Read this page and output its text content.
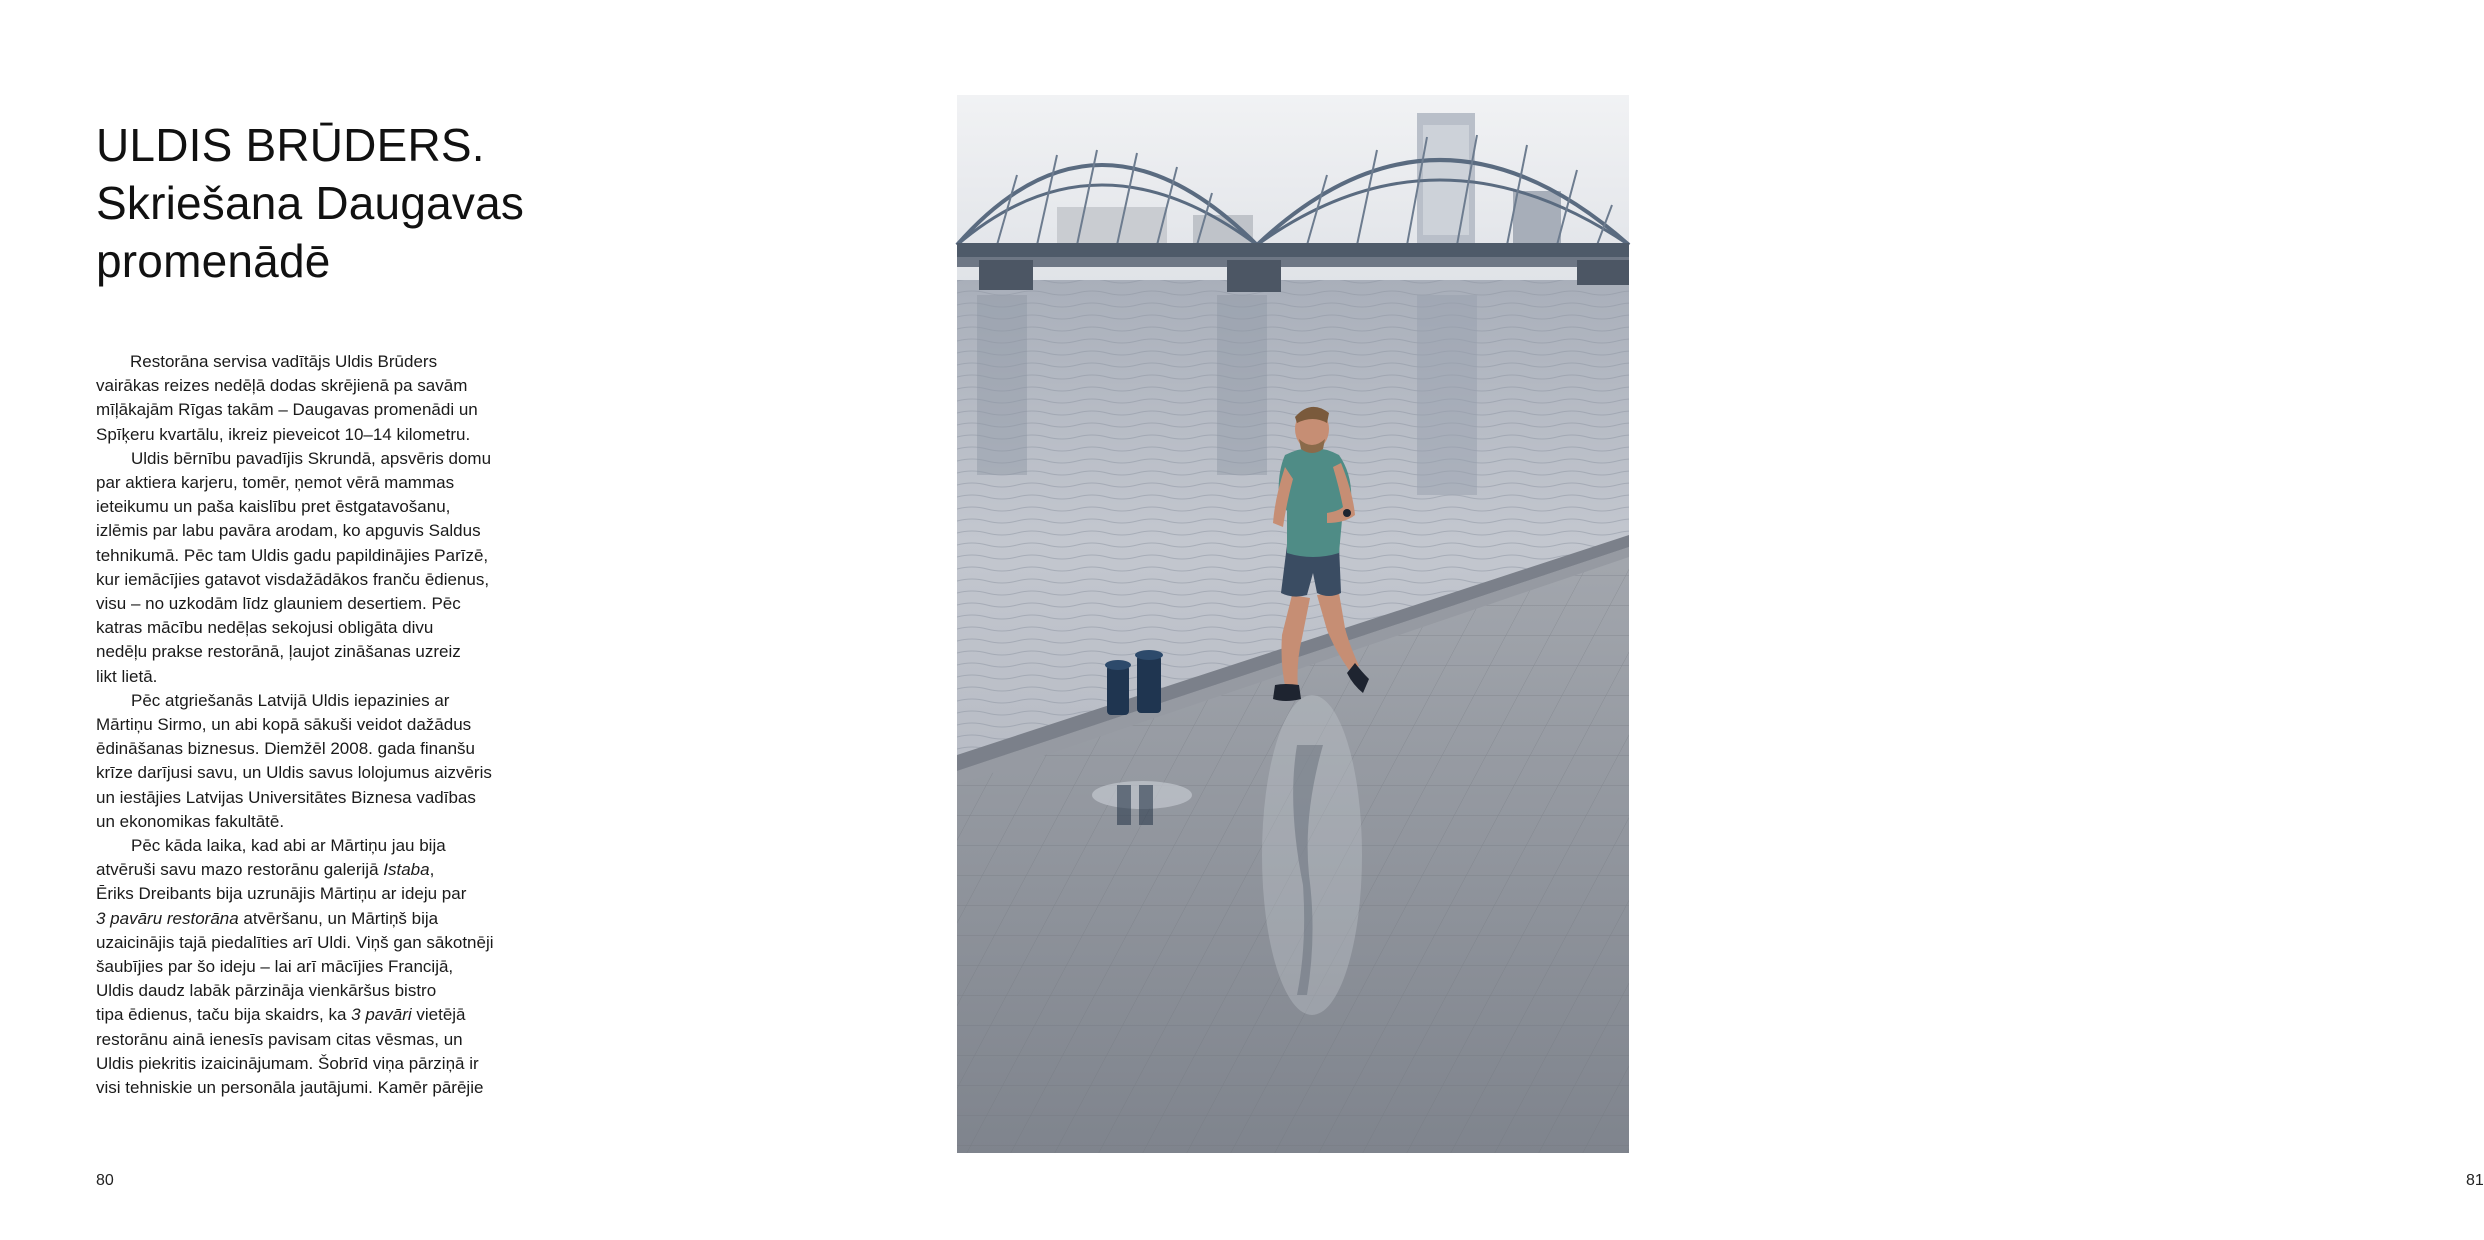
ULDIS BRŪDERS.
Skriešana Daugavas
promenādē

Restorāna servisa vadītājs Uldis Brūders
vairākas reizes nedēļā dodas skrējienā pa savām
mīļākajām Rīgas takām – Daugavas promenādi un
Spīķeru kvartālu, ikreiz pieveicot 10–14 kilometru.

Uldis bērnību pavadījis Skrundā, apsvēris domu
par aktiera karjeru, tomēr, ņemot vērā mammas
ieteikumu un paša kaislību pret ēstgatavošanu,
izlēmis par labu pavāra arodam, ko apguvis Saldus
tehnikumā. Pēc tam Uldis gadu papildinājies Parīzē,
kur iemācījies gatavot visdažādākos franču ēdienus,
visu – no uzkodām līdz glauniem desertiem. Pēc
katras mācību nedēļas sekojusi obligāta divu
nedēļu prakse restorānā, ļaujot zināšanas uzreiz
likt lietā.

Pēc atgriešanās Latvijā Uldis iepazinies ar
Mārtiņu Sirmo, un abi kopā sākuši veidot dažādus
ēdināšanas biznesus. Diemžēl 2008. gada finanšu
krīze darījusi savu, un Uldis savus lolojumus aizvēris
un iestājies Latvijas Universitātes Biznesa vadības
un ekonomikas fakultātē.

Pēc kāda laika, kad abi ar Mārtiņu jau bija
atvēruši savu mazo restorānu galerijā Istaba,
Ēriks Dreibants bija uzrunājis Mārtiņu ar ideju par
3 pavāru restorāna atvēršanu, un Mārtiņš bija
uzaicinājis tajā piedalīties arī Uldi. Viņš gan sākotnēji
šaubījies par šo ideju – lai arī mācījies Francijā,
Uldis daudz labāk pārzināja vienkāršus bistro
tipa ēdienus, taču bija skaidrs, ka 3 pavāri vietējā
restorānu ainā ienesīs pavisam citas vēsmas, un
Uldis piekritis izaicinājumam. Šobrīd viņa pārziņā ir
visi tehniskie un personāla jautājumi. Kamēr pārējie

80	81
